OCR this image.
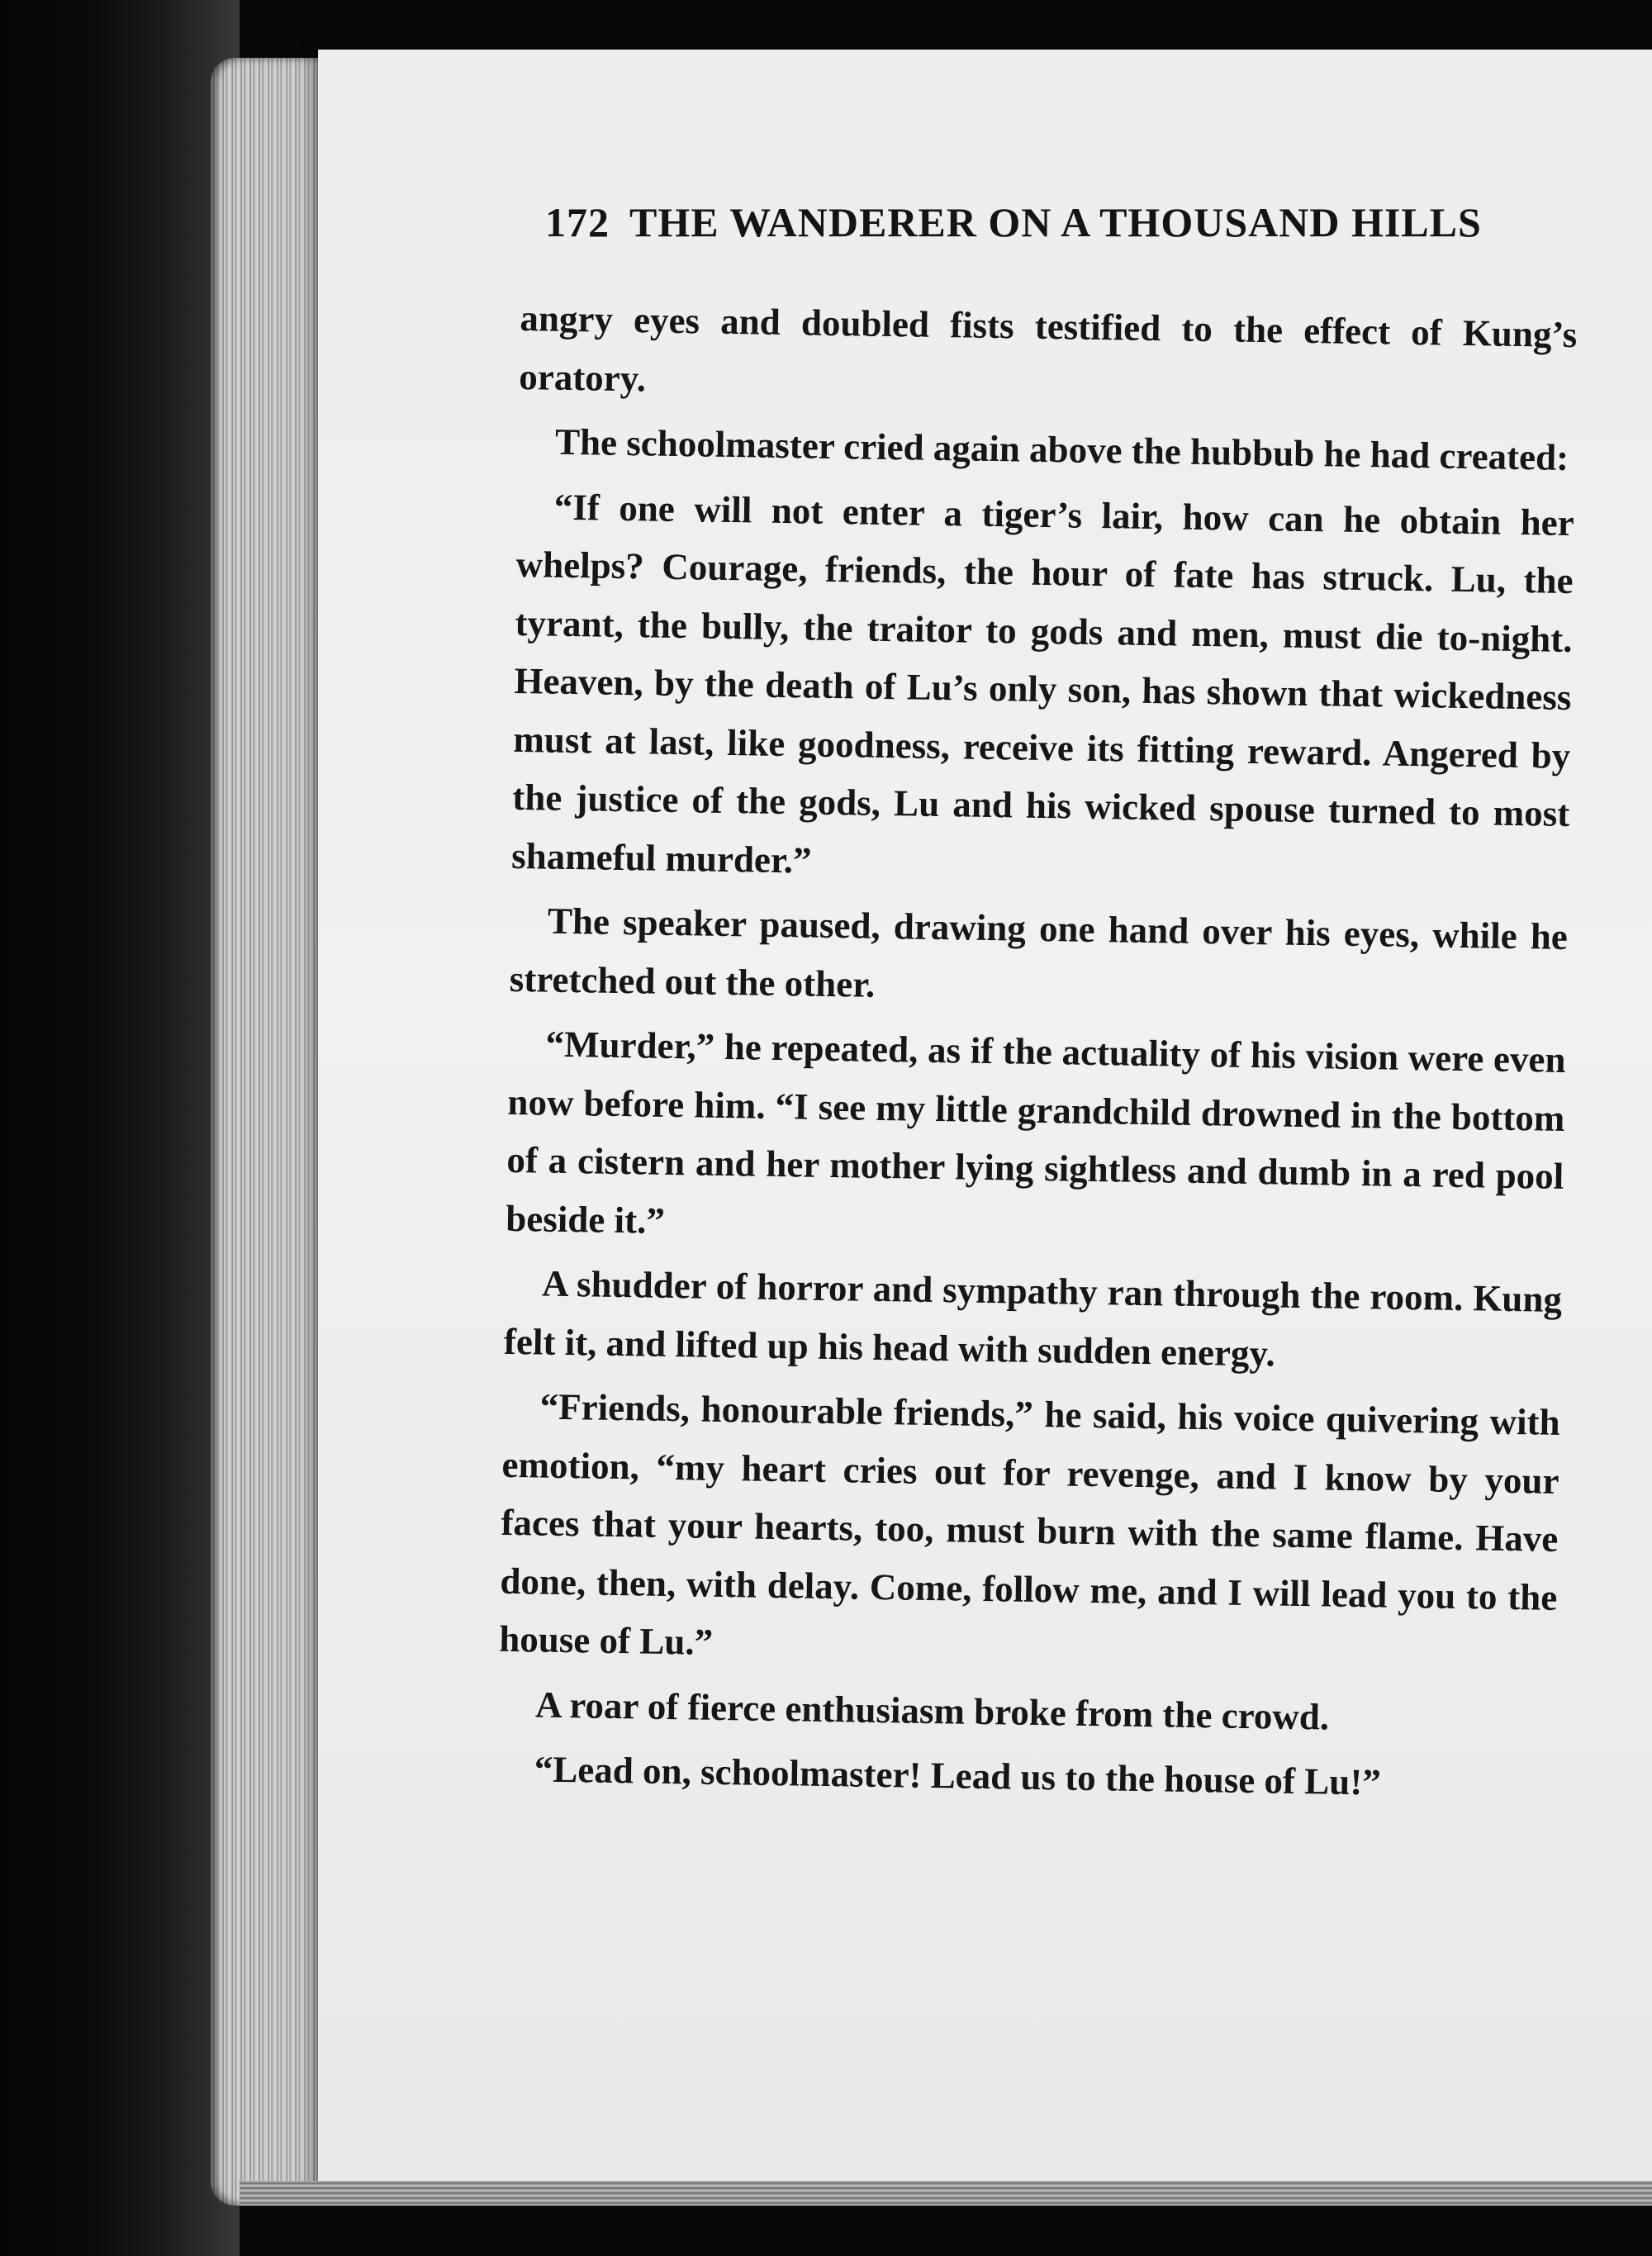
172 THE WANDERER ON A THOUSAND HILLS

angry eyes and doubled fists testified to the effect of Kung’s oratory.

The schoolmaster cried again above the hubbub he had created:

“If one will not enter a tiger’s lair, how can he obtain her whelps? Courage, friends, the hour of fate has struck. Lu, the tyrant, the bully, the traitor to gods and men, must die to-night. Heaven, by the death of Lu’s only son, has shown that wickedness must at last, like goodness, receive its fitting reward. Angered by the justice of the gods, Lu and his wicked spouse turned to most shameful murder.”

The speaker paused, drawing one hand over his eyes, while he stretched out the other.

“Murder,” he repeated, as if the actuality of his vision were even now before him. “I see my little grandchild drowned in the bottom of a cistern and her mother lying sightless and dumb in a red pool beside it.”

A shudder of horror and sympathy ran through the room. Kung felt it, and lifted up his head with sudden energy.

“Friends, honourable friends,” he said, his voice quivering with emotion, “my heart cries out for revenge, and I know by your faces that your hearts, too, must burn with the same flame. Have done, then, with delay. Come, follow me, and I will lead you to the house of Lu.”

A roar of fierce enthusiasm broke from the crowd.

“Lead on, schoolmaster! Lead us to the house of Lu!”
